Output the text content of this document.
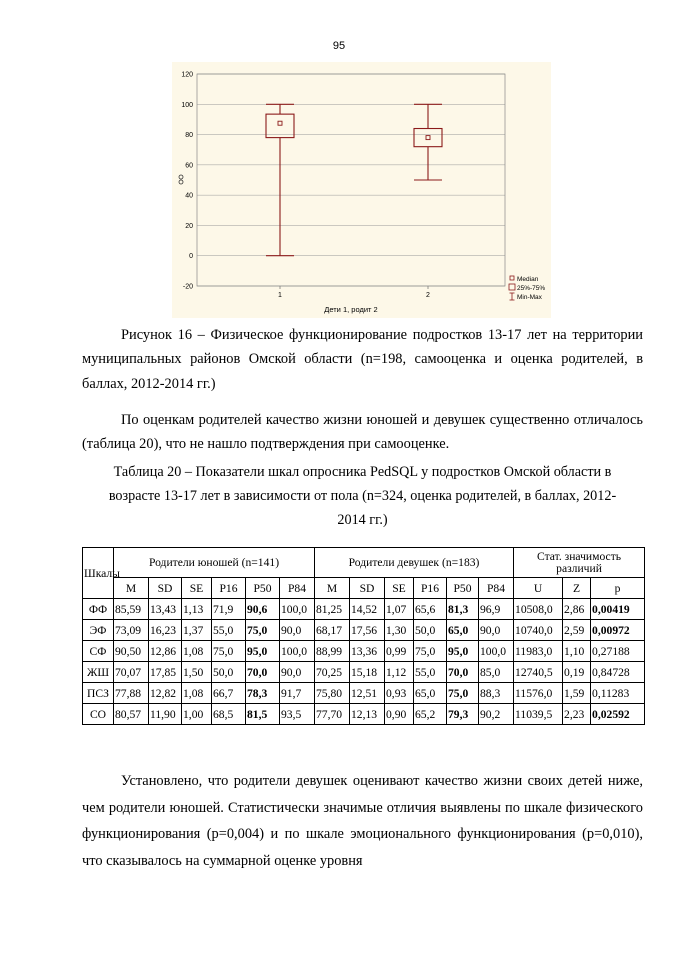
95
-20
0
20
40
60
80
100
120
1	2
Дети 1, родит 2
Median
25%-75%
Min-Max

Рисунок 16 – Физическое функционирование подростков 13-17 лет на территории муниципальных районов Омской области (n=198, самооценка и оценка родителей, в баллах, 2012-2014 гг.)

По оценкам родителей качество жизни юношей и девушек существенно отличалось (таблица 20), что не нашло подтверждения при самооценке.

Таблица 20 – Показатели шкал опросника PedSQL у подростков Омской области в возрасте 13-17 лет в зависимости от пола (n=324, оценка родителей, в баллах, 2012-2014 гг.)

Шкалы	Родители юношей (n=141)						Родители девушек (n=183)						Стат. значимость различий		
	M	SD	SE	P16	P50	P84	M	SD	SE	P16	P50	P84	U	Z	p
ФФ	85,59	13,43	1,13	71,9	90,6	100,0	81,25	14,52	1,07	65,6	81,3	96,9	10508,0	2,86	0,00419
ЭФ	73,09	16,23	1,37	55,0	75,0	90,0	68,17	17,56	1,30	50,0	65,0	90,0	10740,0	2,59	0,00972
СФ	90,50	12,86	1,08	75,0	95,0	100,0	88,99	13,36	0,99	75,0	95,0	100,0	11983,0	1,10	0,27188
ЖШ	70,07	17,85	1,50	50,0	70,0	90,0	70,25	15,18	1,12	55,0	70,0	85,0	12740,5	0,19	0,84728
ПСЗ	77,88	12,82	1,08	66,7	78,3	91,7	75,80	12,51	0,93	65,0	75,0	88,3	11576,0	1,59	0,11283
СО	80,57	11,90	1,00	68,5	81,5	93,5	77,70	12,13	0,90	65,2	79,3	90,2	11039,5	2,23	0,02592

Установлено, что родители девушек оценивают качество жизни своих детей ниже, чем родители юношей. Статистически значимые отличия выявлены по шкале физического функционирования (p=0,004) и по шкале эмоционального функционирования (p=0,010), что сказывалось на суммарной оценке уровня
